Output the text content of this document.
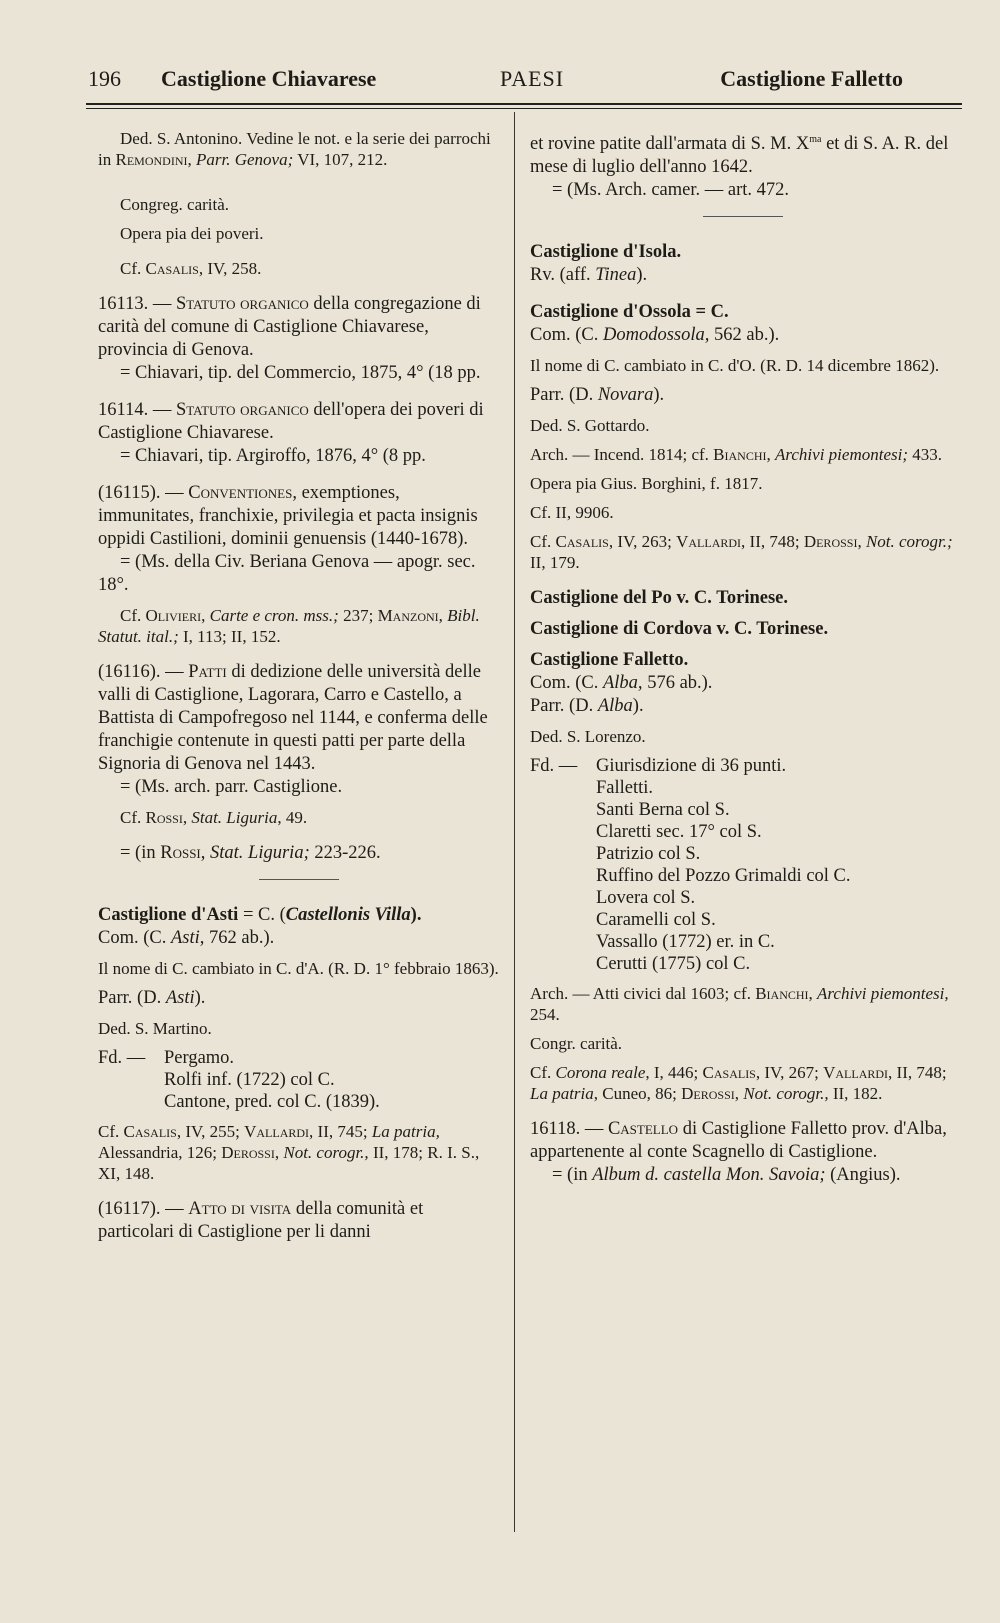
196 Castiglione Chiavarese	PAESI	Castiglione Falletto

Ded. S. Antonino. Vedine le not. e la serie dei parrochi in Remondini, Parr. Genova; VI, 107, 212.

Congreg. carità.

Opera pia dei poveri.

Cf. Casalis, IV, 258.

16113. — Statuto organico della congregazione di carità del comune di Castiglione Chiavarese, provincia di Genova.

= Chiavari, tip. del Commercio, 1875, 4° (18 pp.

16114. — Statuto organico dell'opera dei poveri di Castiglione Chiavarese.

= Chiavari, tip. Argiroffo, 1876, 4° (8 pp.

(16115). — Conventiones, exemptiones, immunitates, franchixie, privilegia et pacta insignis oppidi Castilioni, dominii genuensis (1440-1678).

= (Ms. della Civ. Beriana Genova — apogr. sec. 18°.

Cf. Olivieri, Carte e cron. mss.; 237; Manzoni, Bibl. Statut. ital.; I, 113; II, 152.

(16116). — Patti di dedizione delle università delle valli di Castiglione, Lagorara, Carro e Castello, a Battista di Campofregoso nel 1144, e conferma delle franchigie contenute in questi patti per parte della Signoria di Genova nel 1443.

= (Ms. arch. parr. Castiglione.

Cf. Rossi, Stat. Liguria, 49.

= (in Rossi, Stat. Liguria; 223-226.

Castiglione d'Asti = C. (Castellonis Villa).

Com. (C. Asti, 762 ab.).

Il nome di C. cambiato in C. d'A. (R. D. 1° febbraio 1863).

Parr. (D. Asti).

Ded. S. Martino.

Fd. —	Pergamo.
Rolfi inf. (1722) col C.
Cantone, pred. col C. (1839).

Cf. Casalis, IV, 255; Vallardi, II, 745; La patria, Alessandria, 126; Derossi, Not. corogr., II, 178; R. I. S., XI, 148.

(16117). — Atto di visita della comunità et particolari di Castiglione per li danni

et rovine patite dall'armata di S. M. $X^{ma}$ et di S. A. R. del mese di luglio dell'anno 1642.

= (Ms. Arch. camer. — art. 472.

Castiglione d'Isola.

Rv. (aff. Tinea).

Castiglione d'Ossola = C.

Com. (C. Domodossola, 562 ab.).

Il nome di C. cambiato in C. d'O. (R. D. 14 dicembre 1862).

Parr. (D. Novara).

Ded. S. Gottardo.

Arch. — Incend. 1814; cf. Bianchi, Archivi piemontesi; 433.

Opera pia Gius. Borghini, f. 1817.

Cf. II, 9906.

Cf. Casalis, IV, 263; Vallardi, II, 748; Derossi, Not. corogr.; II, 179.

Castiglione del Po v. C. Torinese.

Castiglione di Cordova v. C. Torinese.

Castiglione Falletto.

Com. (C. Alba, 576 ab.).

Parr. (D. Alba).

Ded. S. Lorenzo.

Fd. —	Giurisdizione di 36 punti.
Falletti.
Santi Berna col S.
Claretti sec. 17° col S.
Patrizio col S.
Ruffino del Pozzo Grimaldi col C.
Lovera col S.
Caramelli col S.
Vassallo (1772) er. in C.
Cerutti (1775) col C.

Arch. — Atti civici dal 1603; cf. Bianchi, Archivi piemontesi, 254.

Congr. carità.

Cf. Corona reale, I, 446; Casalis, IV, 267; Vallardi, II, 748; La patria, Cuneo, 86; Derossi, Not. corogr., II, 182.

16118. — Castello di Castiglione Falletto prov. d'Alba, appartenente al conte Scagnello di Castiglione.

= (in Album d. castella Mon. Savoia; (Angius).
